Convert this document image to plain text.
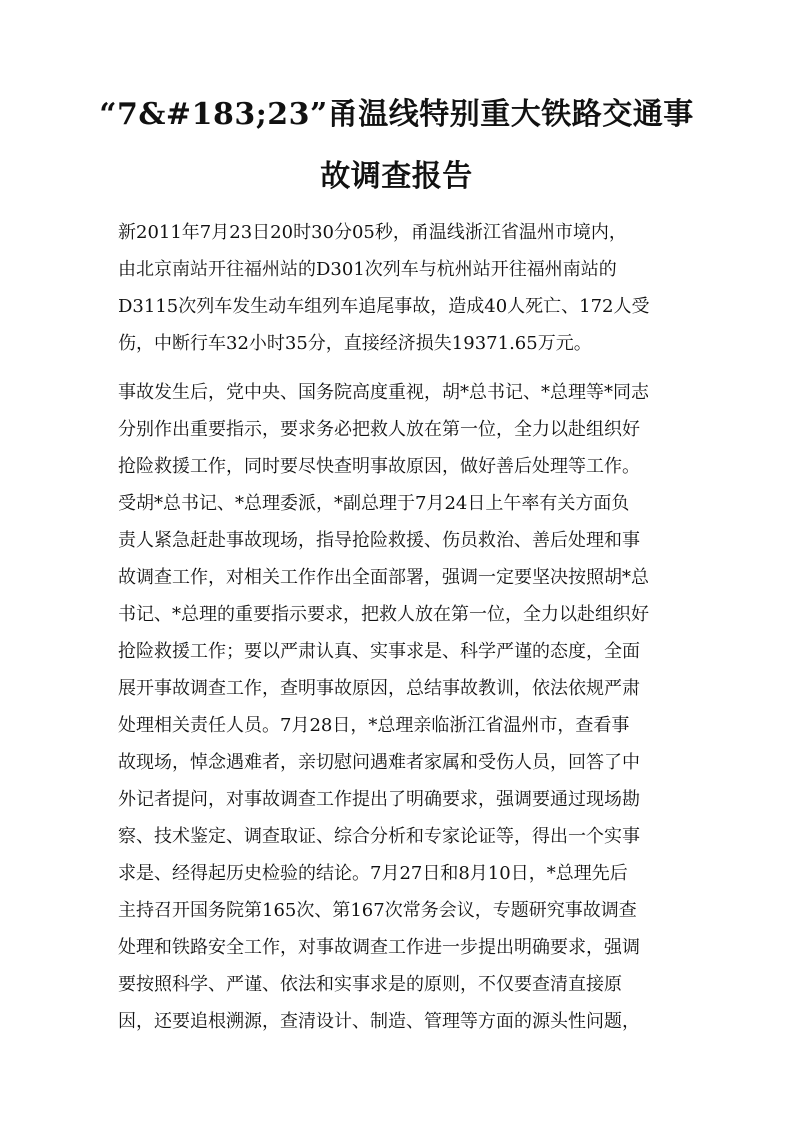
“7&#183;23”甬温线特别重大铁路交通事
故调查报告

新2011年7月23日20时30分05秒，甬温线浙江省温州市境内，
由北京南站开往福州站的D301次列车与杭州站开往福州南站的
D3115次列车发生动车组列车追尾事故，造成40人死亡、172人受
伤，中断行车32小时35分，直接经济损失19371.65万元。

事故发生后，党中央、国务院高度重视，胡*总书记、*总理等*同志
分别作出重要指示，要求务必把救人放在第一位，全力以赴组织好
抢险救援工作，同时要尽快查明事故原因，做好善后处理等工作。
受胡*总书记、*总理委派，*副总理于7月24日上午率有关方面负
责人紧急赶赴事故现场，指导抢险救援、伤员救治、善后处理和事
故调查工作，对相关工作作出全面部署，强调一定要坚决按照胡*总
书记、*总理的重要指示要求，把救人放在第一位，全力以赴组织好
抢险救援工作；要以严肃认真、实事求是、科学严谨的态度，全面
展开事故调查工作，查明事故原因，总结事故教训，依法依规严肃
处理相关责任人员。7月28日，*总理亲临浙江省温州市，查看事
故现场，悼念遇难者，亲切慰问遇难者家属和受伤人员，回答了中
外记者提问，对事故调查工作提出了明确要求，强调要通过现场勘
察、技术鉴定、调查取证、综合分析和专家论证等，得出一个实事
求是、经得起历史检验的结论。7月27日和8月10日，*总理先后
主持召开国务院第165次、第167次常务会议，专题研究事故调查
处理和铁路安全工作，对事故调查工作进一步提出明确要求，强调
要按照科学、严谨、依法和实事求是的原则，不仅要查清直接原
因，还要追根溯源，查清设计、制造、管理等方面的源头性问题，
